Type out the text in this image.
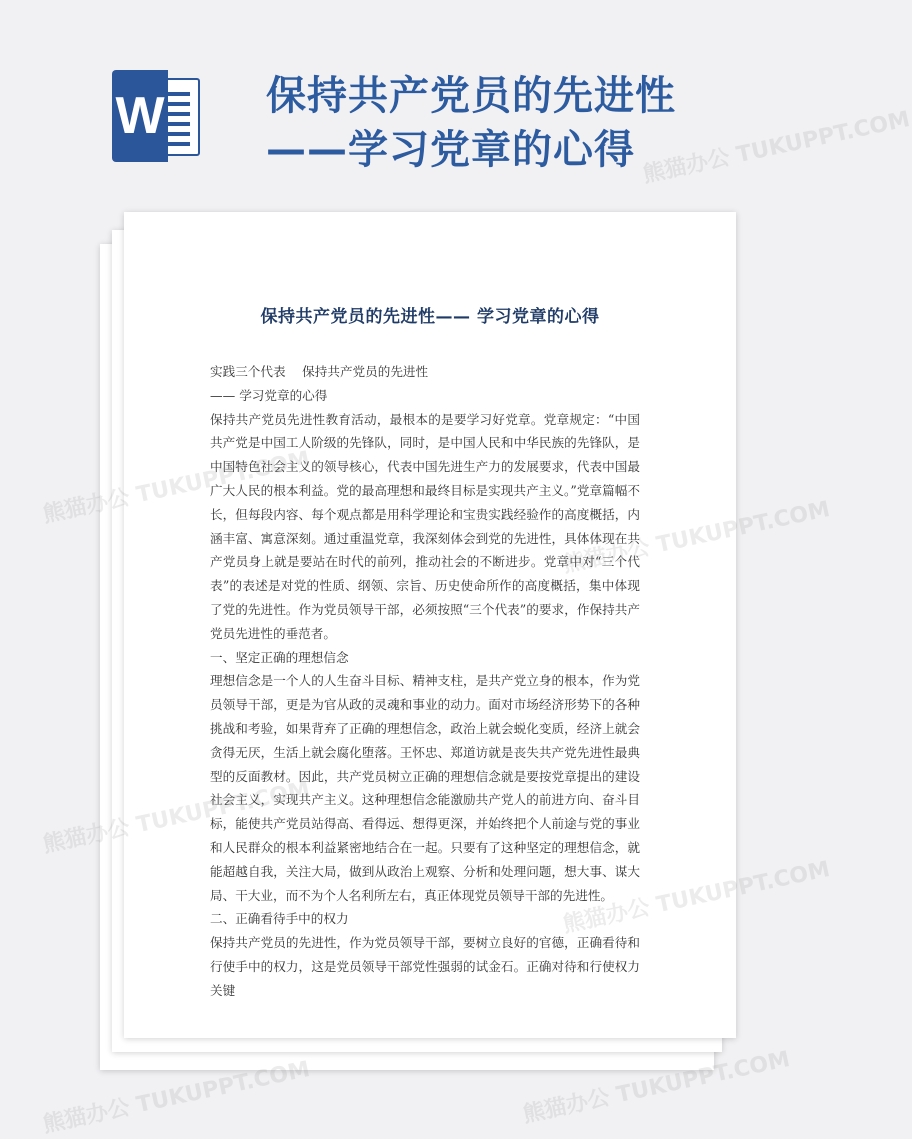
W	保持共产党员的先进性
——学习党章的心得
保持共产党员的先进性—— 学习党章的心得

实践三个代表　 保持共产党员的先进性

—— 学习党章的心得

保持共产党员先进性教育活动，最根本的是要学习好党章。党章规定：“中国共产党是中国工人阶级的先锋队，同时，是中国人民和中华民族的先锋队，是中国特色社会主义的领导核心，代表中国先进生产力的发展要求，代表中国最广大人民的根本利益。党的最高理想和最终目标是实现共产主义。”党章篇幅不长，但每段内容、每个观点都是用科学理论和宝贵实践经验作的高度概括，内涵丰富、寓意深刻。通过重温党章，我深刻体会到党的先进性，具体体现在共产党员身上就是要站在时代的前列，推动社会的不断进步。党章中对“三个代表”的表述是对党的性质、纲领、宗旨、历史使命所作的高度概括，集中体现了党的先进性。作为党员领导干部，必须按照“三个代表”的要求，作保持共产党员先进性的垂范者。

一、坚定正确的理想信念

理想信念是一个人的人生奋斗目标、精神支柱，是共产党立身的根本，作为党员领导干部，更是为官从政的灵魂和事业的动力。面对市场经济形势下的各种挑战和考验，如果背弃了正确的理想信念，政治上就会蜕化变质，经济上就会贪得无厌，生活上就会腐化堕落。王怀忠、郑道访就是丧失共产党先进性最典型的反面教材。因此，共产党员树立正确的理想信念就是要按党章提出的建设社会主义，实现共产主义。这种理想信念能激励共产党人的前进方向、奋斗目标，能使共产党员站得高、看得远、想得更深，并始终把个人前途与党的事业和人民群众的根本利益紧密地结合在一起。只要有了这种坚定的理想信念，就能超越自我，关注大局，做到从政治上观察、分析和处理问题，想大事、谋大局、干大业，而不为个人名利所左右，真正体现党员领导干部的先进性。

二、正确看待手中的权力

保持共产党员的先进性，作为党员领导干部，要树立良好的官德，正确看待和行使手中的权力，这是党员领导干部党性强弱的试金石。正确对待和行使权力关键

熊猫办公 TUKUPPT.COM
熊猫办公	TUKUPPT.COM
熊猫办公
TUKUPPT.COM
熊猫办公 TUKUPPT.COM	熊猫办公 TUKUPPT.COM
